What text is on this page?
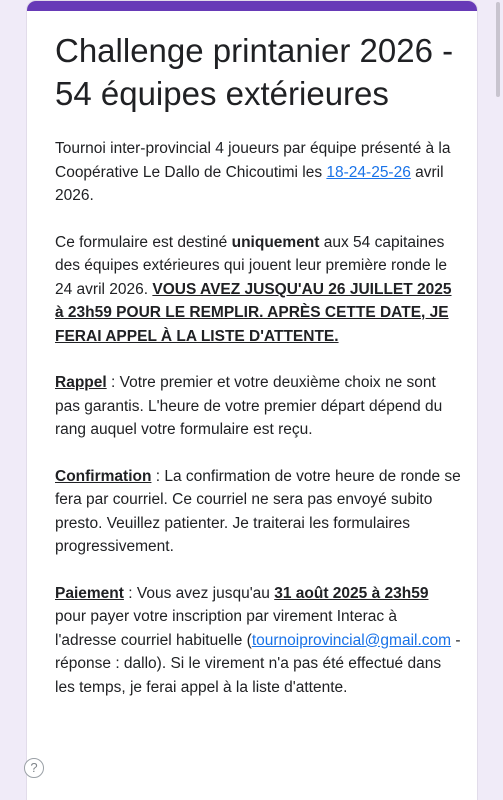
Challenge printanier 2026 - 54 équipes extérieures

Tournoi inter-provincial 4 joueurs par équipe présenté à la Coopérative Le Dallo de Chicoutimi les 18-24-25-26 avril 2026.

Ce formulaire est destiné uniquement aux 54 capitaines des équipes extérieures qui jouent leur première ronde le 24 avril 2026. VOUS AVEZ JUSQU'AU 26 JUILLET 2025 à 23h59 POUR LE REMPLIR. APRÈS CETTE DATE, JE FERAI APPEL À LA LISTE D'ATTENTE.

Rappel : Votre premier et votre deuxième choix ne sont pas garantis. L'heure de votre premier départ dépend du rang auquel votre formulaire est reçu.

Confirmation : La confirmation de votre heure de ronde se fera par courriel. Ce courriel ne sera pas envoyé subito presto. Veuillez patienter. Je traiterai les formulaires progressivement.

Paiement : Vous avez jusqu'au 31 août 2025 à 23h59 pour payer votre inscription par virement Interac à l'adresse courriel habituelle (tournoiprovincial@gmail.com - réponse : dallo). Si le virement n'a pas été effectué dans les temps, je ferai appel à la liste d'attente.

?
